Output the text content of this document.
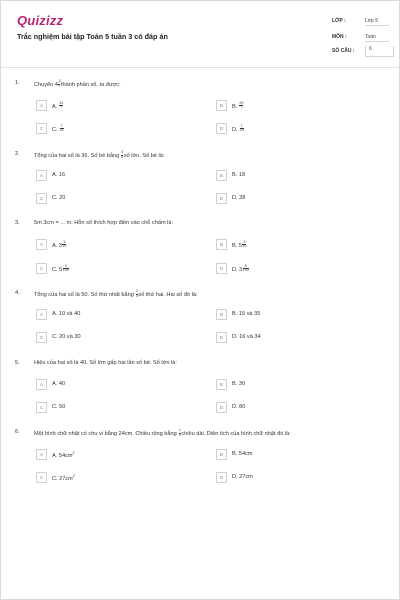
Quizizz
Trắc nghiệm bài tập Toán 5 tuần 3 có đáp án
LỚP :	Lớp 5
MÔN :	Toán
SỐ CÂU :	6
1.	Chuyển $4 \frac{3}{7}$ thành phân số, ta được:
A	A. $\frac{31}{7}$	B	B. $\frac{29}{7}$
C	C. $\frac{7}{31}$	D	D. $\frac{7}{29}$
2.	Tổng của hai số là 36. Số bé bằng $\frac{4}{5}$ số lớn. Số bé là:
A	A. 16	B	B. 18
C	C. 20	D	D. 28
3.	5m 3cm = ... m. Hỗn số thích hợp điền vào chỗ chấm là:
A	A. $3 \frac{5}{10}$	B	B. $5 \frac{3}{10}$
C	C. $5 \frac{3}{100}$	D	D. $3 \frac{5}{100}$
4.	Tổng của hai số là 50. Số thứ nhất bằng $\frac{2}{3}$ số thứ hai. Hai số đó là:
A	A. 10 và 40	B	B. 15 và 35
C	C. 20 và 30	D	D. 16 và 34
5.	Hiệu của hai số là 40. Số lớn gấp hai lần số bé. Số lớn là:
A	A. 40	B	B. 30
C	C. 50	D	D. 80
6.	Một hình chữ nhật có chu vi bằng 24cm. Chiều rộng bằng $\frac{1}{2}$ chiều dài. Diện tích của hình chữ nhật đó là:
A	A. $54cm^2$	B	B. 54cm
C	C. $27cm^2$	D	D. 27cm
